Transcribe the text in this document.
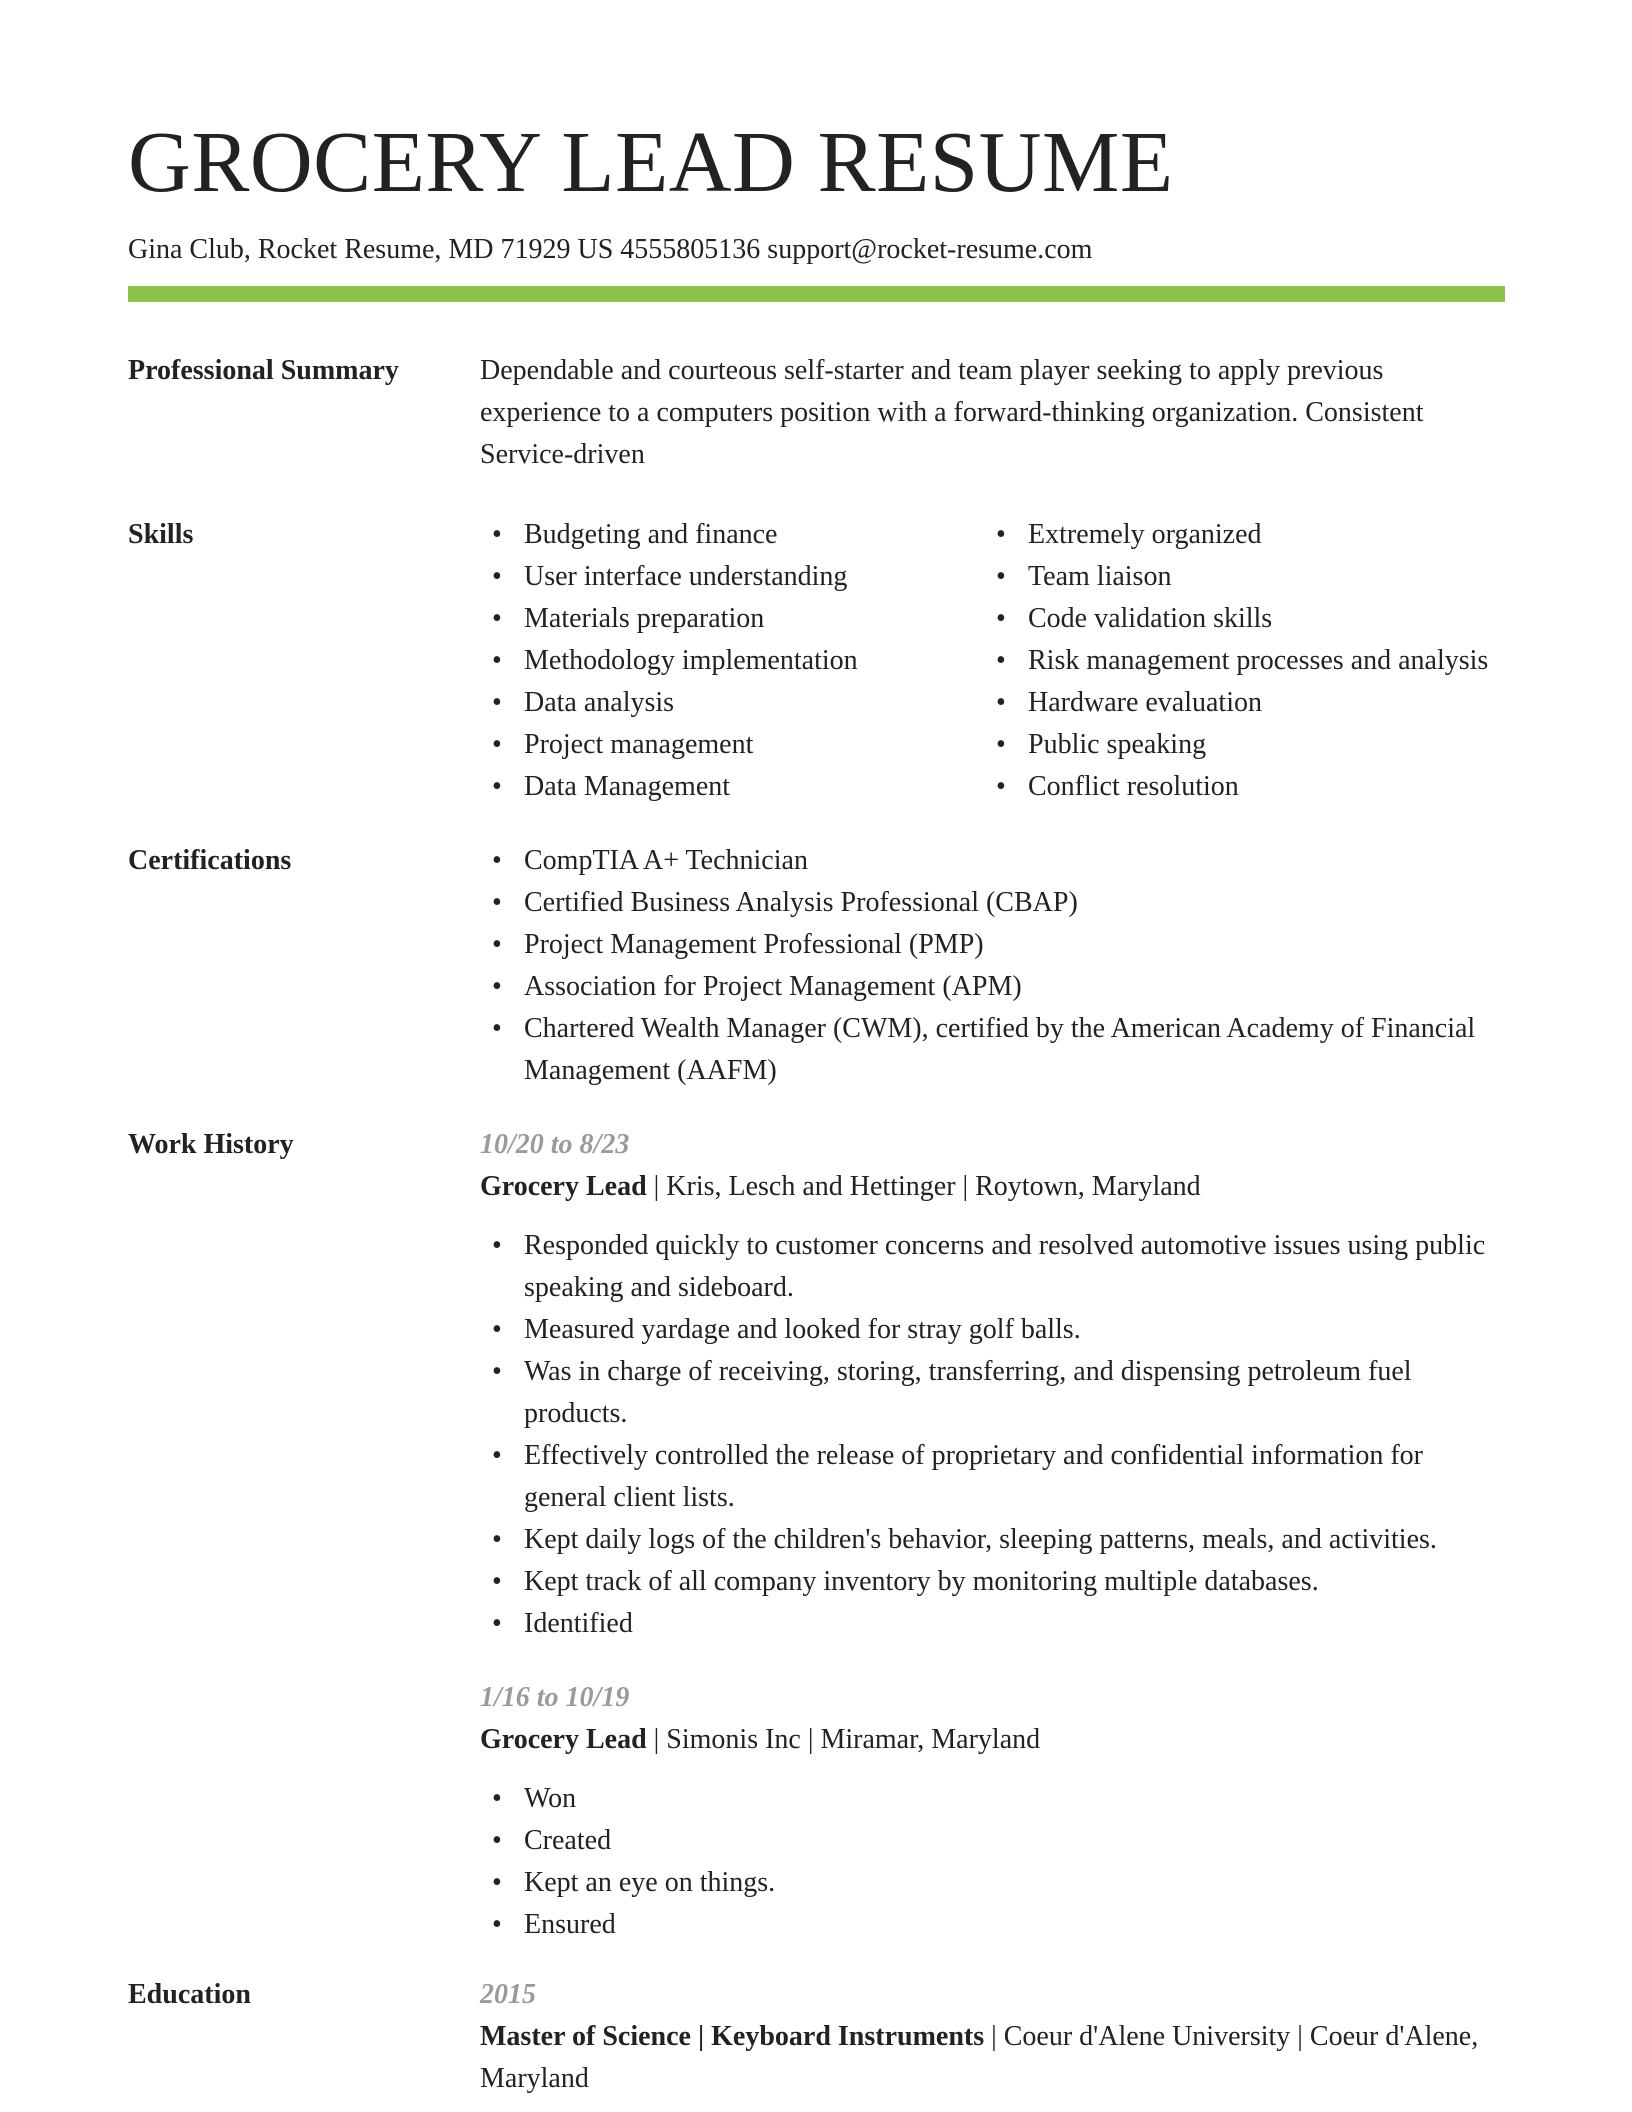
GROCERY LEAD RESUME
Gina Club, Rocket Resume, MD 71929 US 4555805136 support@rocket-resume.com
Professional Summary	Dependable and courteous self-starter and team player seeking to apply previous experience to a computers position with a forward-thinking organization. Consistent Service-driven
Skills	• Budgeting and finance
• User interface understanding
• Materials preparation
• Methodology implementation
• Data analysis
• Project management
• Data Management
• Extremely organized
• Team liaison
• Code validation skills
• Risk management processes and analysis
• Hardware evaluation
• Public speaking
• Conflict resolution
Certifications	• CompTIA A+ Technician
• Certified Business Analysis Professional (CBAP)
• Project Management Professional (PMP)
• Association for Project Management (APM)
• Chartered Wealth Manager (CWM), certified by the American Academy of Financial Management (AAFM)
Work History	10/20 to 8/23
Grocery Lead | Kris, Lesch and Hettinger | Roytown, Maryland
• Responded quickly to customer concerns and resolved automotive issues using public speaking and sideboard.
• Measured yardage and looked for stray golf balls.
• Was in charge of receiving, storing, transferring, and dispensing petroleum fuel products.
• Effectively controlled the release of proprietary and confidential information for general client lists.
• Kept daily logs of the children's behavior, sleeping patterns, meals, and activities.
• Kept track of all company inventory by monitoring multiple databases.
• Identified
1/16 to 10/19
Grocery Lead | Simonis Inc | Miramar, Maryland
• Won
• Created
• Kept an eye on things.
• Ensured
Education	2015
Master of Science | Keyboard Instruments | Coeur d'Alene University | Coeur d'Alene, Maryland
